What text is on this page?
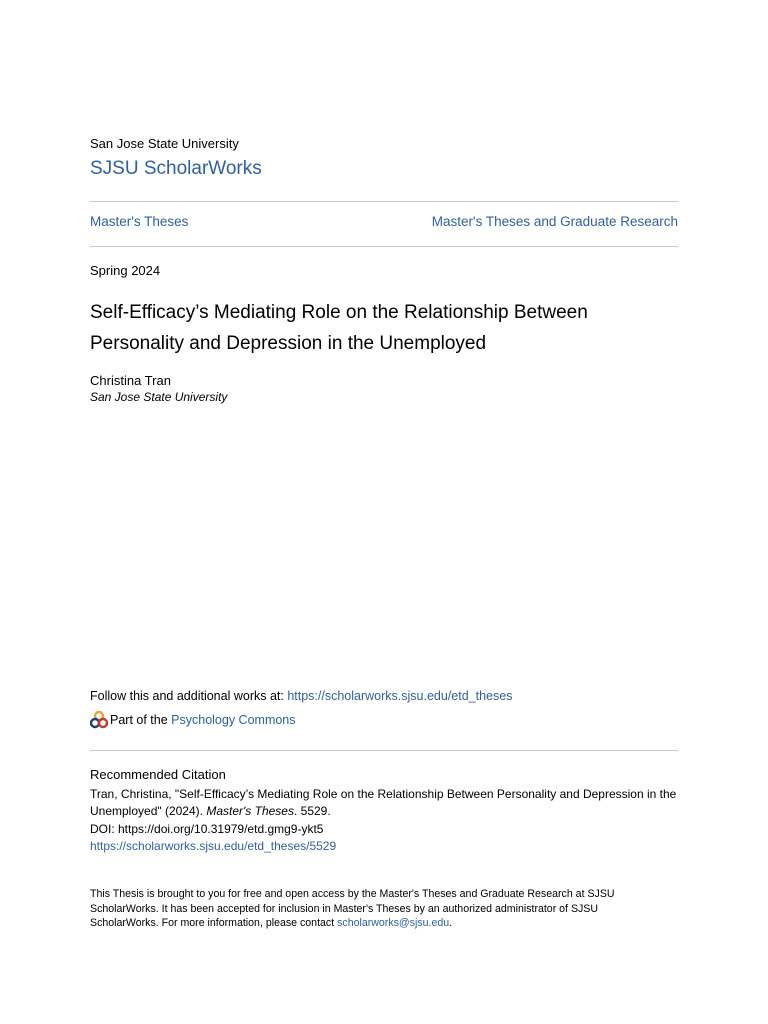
San Jose State University
SJSU ScholarWorks
Master's Theses	Master's Theses and Graduate Research
Spring 2024
Self-Efficacy’s Mediating Role on the Relationship Between Personality and Depression in the Unemployed
Christina Tran
San Jose State University
Follow this and additional works at: https://scholarworks.sjsu.edu/etd_theses
Part of the Psychology Commons
Recommended Citation
Tran, Christina, "Self-Efficacy’s Mediating Role on the Relationship Between Personality and Depression in the Unemployed" (2024). Master's Theses. 5529.
DOI: https://doi.org/10.31979/etd.gmg9-ykt5
https://scholarworks.sjsu.edu/etd_theses/5529
This Thesis is brought to you for free and open access by the Master's Theses and Graduate Research at SJSU ScholarWorks. It has been accepted for inclusion in Master's Theses by an authorized administrator of SJSU ScholarWorks. For more information, please contact scholarworks@sjsu.edu.
